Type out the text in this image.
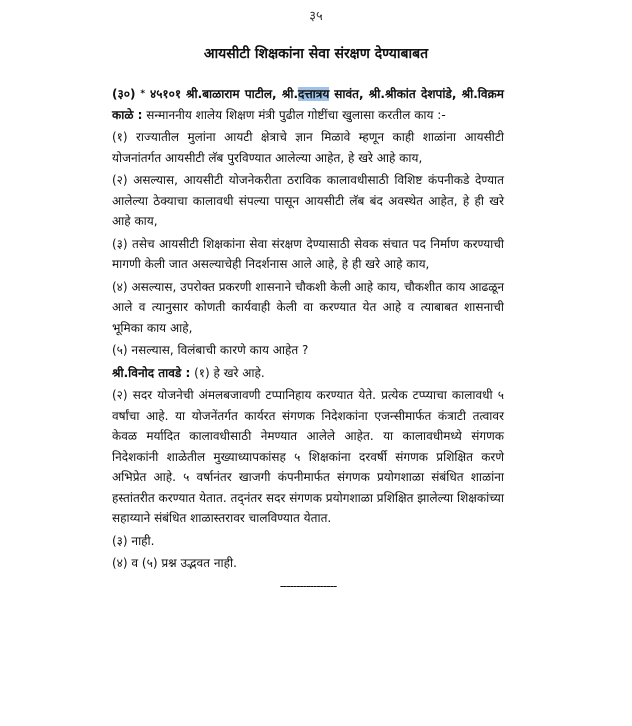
३५
आयसीटी शिक्षकांना सेवा संरक्षण देण्याबाबत

(३०) * ४५१०१ श्री.बाळाराम पाटील, श्री.दत्तात्रय सावंत, श्री.श्रीकांत देशपांडे, श्री.विक्रम काळे : सन्माननीय शालेय शिक्षण मंत्री पुढील गोष्टींचा खुलासा करतील काय :-

(१) राज्यातील मुलांना आयटी क्षेत्राचे ज्ञान मिळावे म्हणून काही शाळांना आयसीटी योजनांतर्गत आयसीटी लॅब पुरविण्यात आलेल्या आहेत, हे खरे आहे काय,

(२) असल्यास, आयसीटी योजनेकरीता ठराविक कालावधीसाठी विशिष्ट कंपनीकडे देण्यात आलेल्या ठेक्याचा कालावधी संपल्या पासून आयसीटी लॅब बंद अवस्थेत आहेत, हे ही खरे आहे काय,

(३) तसेच आयसीटी शिक्षकांना सेवा संरक्षण देण्यासाठी सेवक संचात पद निर्माण करण्याची मागणी केली जात असल्याचेही निदर्शनास आले आहे, हे ही खरे आहे काय,

(४) असल्यास, उपरोक्त प्रकरणी शासनाने चौकशी केली आहे काय, चौकशीत काय आढळून आले व त्यानुसार कोणती कार्यवाही केली वा करण्यात येत आहे व त्याबाबत शासनाची भूमिका काय आहे,

(५) नसल्यास, विलंबाची कारणे काय आहेत ?

श्री.विनोद तावडे : (१) हे खरे आहे.

(२) सदर योजनेची अंमलबजावणी टप्पानिहाय करण्यात येते. प्रत्येक टप्प्याचा कालावधी ५ वर्षांचा आहे. या योजनेंतर्गत कार्यरत संगणक निदेशकांना एजन्सीमार्फत कंत्राटी तत्वावर केवळ मर्यादित कालावधीसाठी नेमण्यात आलेले आहेत. या कालावधीमध्ये संगणक निदेशकांनी शाळेतील मुख्याध्यापकांसह ५ शिक्षकांना दरवर्षी संगणक प्रशिक्षित करणे अभिप्रेत आहे. ५ वर्षानंतर खाजगी कंपनीमार्फत संगणक प्रयोगशाळा संबंधित शाळांना हस्तांतरीत करण्यात येतात. तद्नंतर सदर संगणक प्रयोगशाळा प्रशिक्षित झालेल्या शिक्षकांच्या सहाय्याने संबंधित शाळास्तरावर चालविण्यात येतात.

(३) नाही.

(४) व (५) प्रश्न उद्भवत नाही.

-----------------
